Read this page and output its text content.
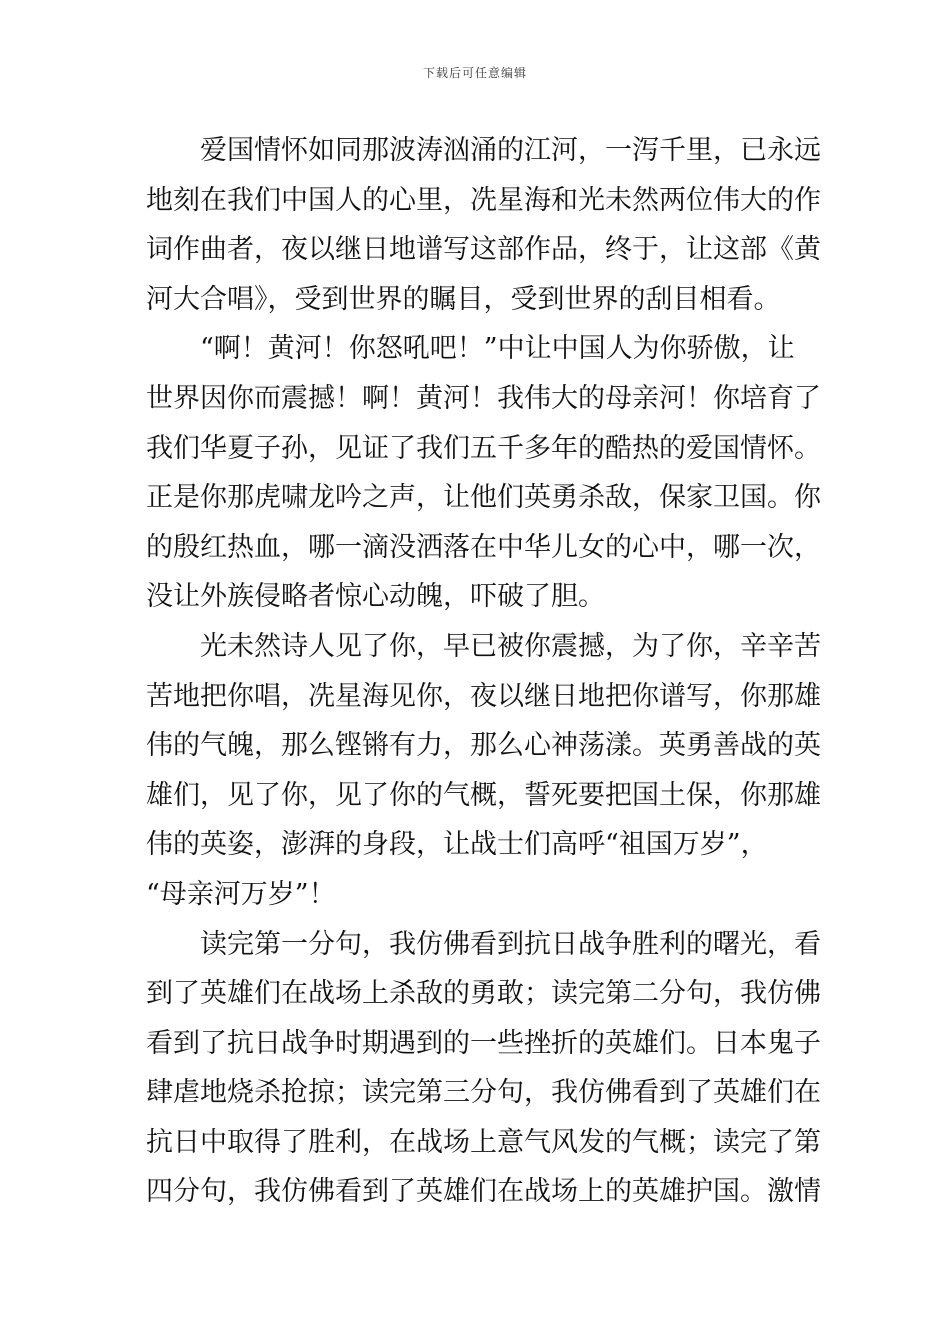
下载后可任意编辑
爱国情怀如同那波涛汹涌的江河，一泻千里，已永远
地刻在我们中国人的心里，冼星海和光未然两位伟大的作
词作曲者，夜以继日地谱写这部作品，终于，让这部《黄
河大合唱》，受到世界的瞩目，受到世界的刮目相看。
“啊！黄河！你怒吼吧！”中让中国人为你骄傲，让
世界因你而震撼！啊！黄河！我伟大的母亲河！你培育了
我们华夏子孙，见证了我们五千多年的酷热的爱国情怀。
正是你那虎啸龙吟之声，让他们英勇杀敌，保家卫国。你
的殷红热血，哪一滴没洒落在中华儿女的心中，哪一次，
没让外族侵略者惊心动魄，吓破了胆。
光未然诗人见了你，早已被你震撼，为了你，辛辛苦
苦地把你唱，冼星海见你，夜以继日地把你谱写，你那雄
伟的气魄，那么铿锵有力，那么心神荡漾。英勇善战的英
雄们，见了你，见了你的气概，誓死要把国土保，你那雄
伟的英姿，澎湃的身段，让战士们高呼“祖国万岁”，
“母亲河万岁”！
读完第一分句，我仿佛看到抗日战争胜利的曙光，看
到了英雄们在战场上杀敌的勇敢；读完第二分句，我仿佛
看到了抗日战争时期遇到的一些挫折的英雄们。日本鬼子
肆虐地烧杀抢掠；读完第三分句，我仿佛看到了英雄们在
抗日中取得了胜利，在战场上意气风发的气概；读完了第
四分句，我仿佛看到了英雄们在战场上的英雄护国。激情
